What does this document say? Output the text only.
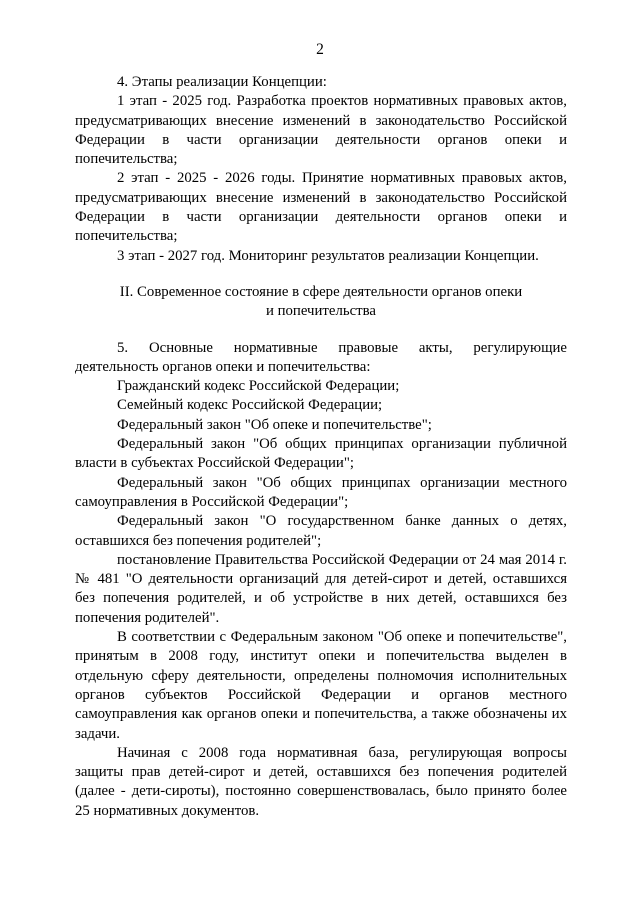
2

4. Этапы реализации Концепции:

1 этап - 2025 год. Разработка проектов нормативных правовых актов, предусматривающих внесение изменений в законодательство Российской Федерации в части организации деятельности органов опеки и попечительства;

2 этап - 2025 - 2026 годы. Принятие нормативных правовых актов, предусматривающих внесение изменений в законодательство Российской Федерации в части организации деятельности органов опеки и попечительства;

3 этап - 2027 год. Мониторинг результатов реализации Концепции.

II. Современное состояние в сфере деятельности органов опеки
и попечительства

5. Основные нормативные правовые акты, регулирующие деятельность органов опеки и попечительства:

Гражданский кодекс Российской Федерации;

Семейный кодекс Российской Федерации;

Федеральный закон "Об опеке и попечительстве";

Федеральный закон "Об общих принципах организации публичной власти в субъектах Российской Федерации";

Федеральный закон "Об общих принципах организации местного самоуправления в Российской Федерации";

Федеральный закон "О государственном банке данных о детях, оставшихся без попечения родителей";

постановление Правительства Российской Федерации от 24 мая 2014 г. № 481 "О деятельности организаций для детей-сирот и детей, оставшихся без попечения родителей, и об устройстве в них детей, оставшихся без попечения родителей".

В соответствии с Федеральным законом "Об опеке и попечительстве", принятым в 2008 году, институт опеки и попечительства выделен в отдельную сферу деятельности, определены полномочия исполнительных органов субъектов Российской Федерации и органов местного самоуправления как органов опеки и попечительства, а также обозначены их задачи.

Начиная с 2008 года нормативная база, регулирующая вопросы защиты прав детей-сирот и детей, оставшихся без попечения родителей (далее - дети-сироты), постоянно совершенствовалась, было принято более 25 нормативных документов.
